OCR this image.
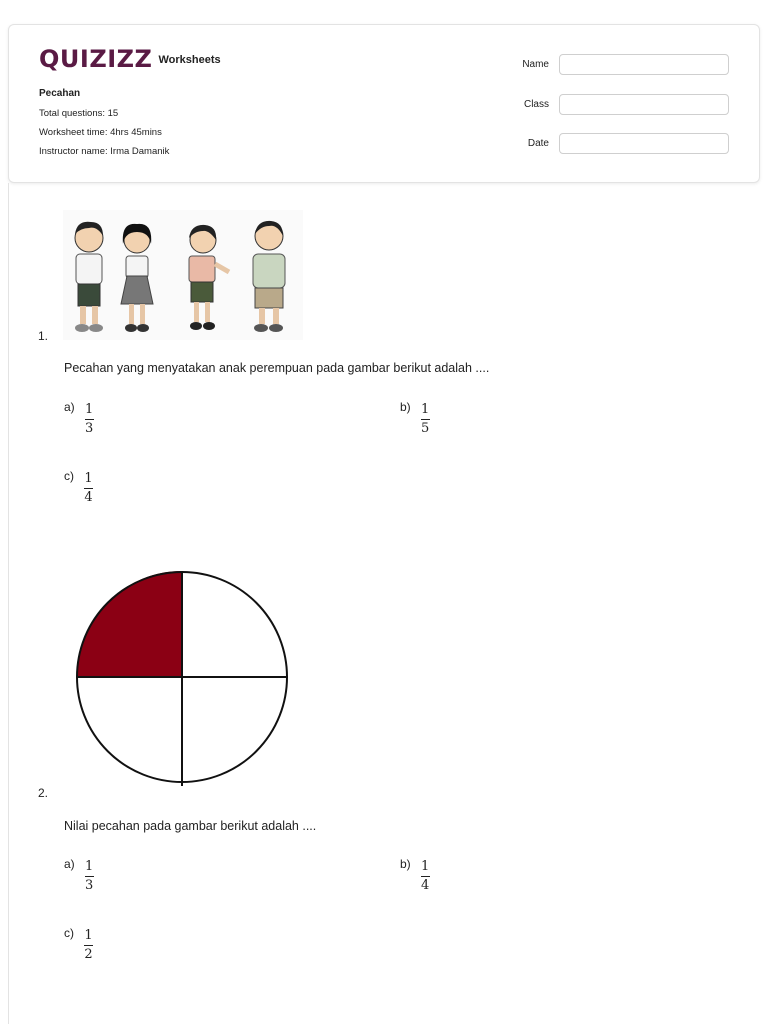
QUIZIZZ Worksheets
Pecahan
Total questions: 15
Worksheet time: 4hrs 45mins
Instructor name: Irma Damanik
Name
Class
Date
1.
Pecahan yang menyatakan anak perempuan pada gambar berikut adalah ....
$a) \frac{1}{3}$	$b) \frac{1}{5}$
$c) \frac{1}{4}$
2.
Nilai pecahan pada gambar berikut adalah ....
$a) \frac{1}{3}$	$b) \frac{1}{4}$
$c) \frac{1}{2}$
